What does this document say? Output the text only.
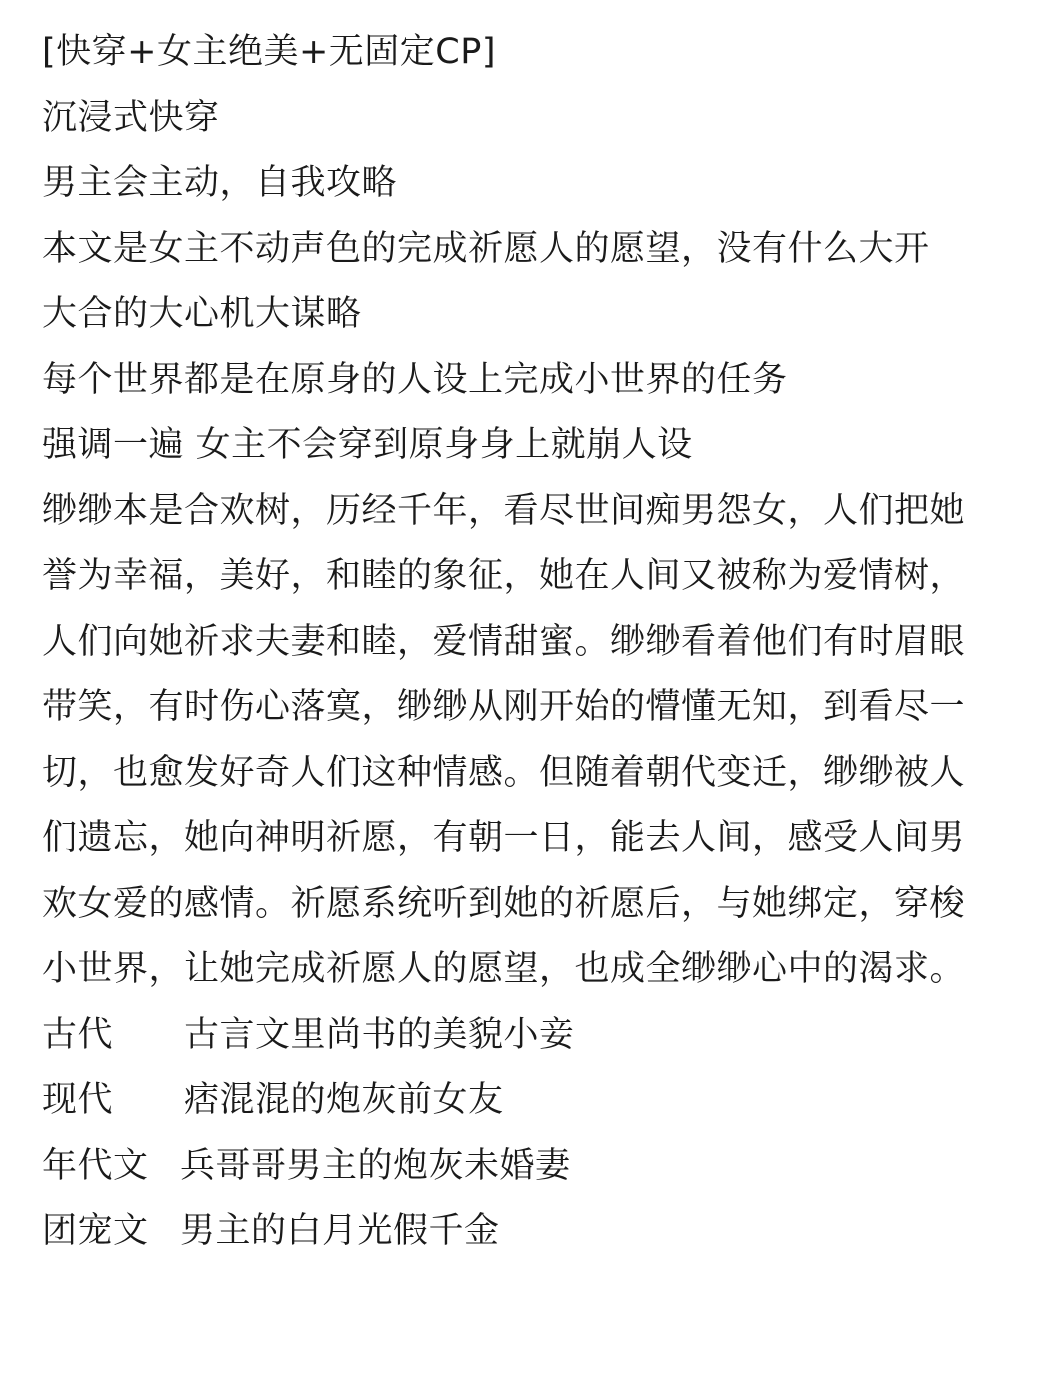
[快穿+女主绝美+无固定CP]
沉浸式快穿
男主会主动，自我攻略
本文是女主不动声色的完成祈愿人的愿望，没有什么大开
大合的大心机大谋略
每个世界都是在原身的人设上完成小世界的任务
强调一遍 女主不会穿到原身身上就崩人设
缈缈本是合欢树，历经千年，看尽世间痴男怨女，人们把她
誉为幸福，美好，和睦的象征，她在人间又被称为爱情树，
人们向她祈求夫妻和睦，爱情甜蜜。缈缈看着他们有时眉眼
带笑，有时伤心落寞，缈缈从刚开始的懵懂无知，到看尽一
切，也愈发好奇人们这种情感。但随着朝代变迁，缈缈被人
们遗忘，她向神明祈愿，有朝一日，能去人间，感受人间男
欢女爱的感情。祈愿系统听到她的祈愿后，与她绑定，穿梭
小世界，让她完成祈愿人的愿望，也成全缈缈心中的渴求。
古代	古言文里尚书的美貌小妾
现代	痞混混的炮灰前女友
年代文 兵哥哥男主的炮灰未婚妻
团宠文 男主的白月光假千金
